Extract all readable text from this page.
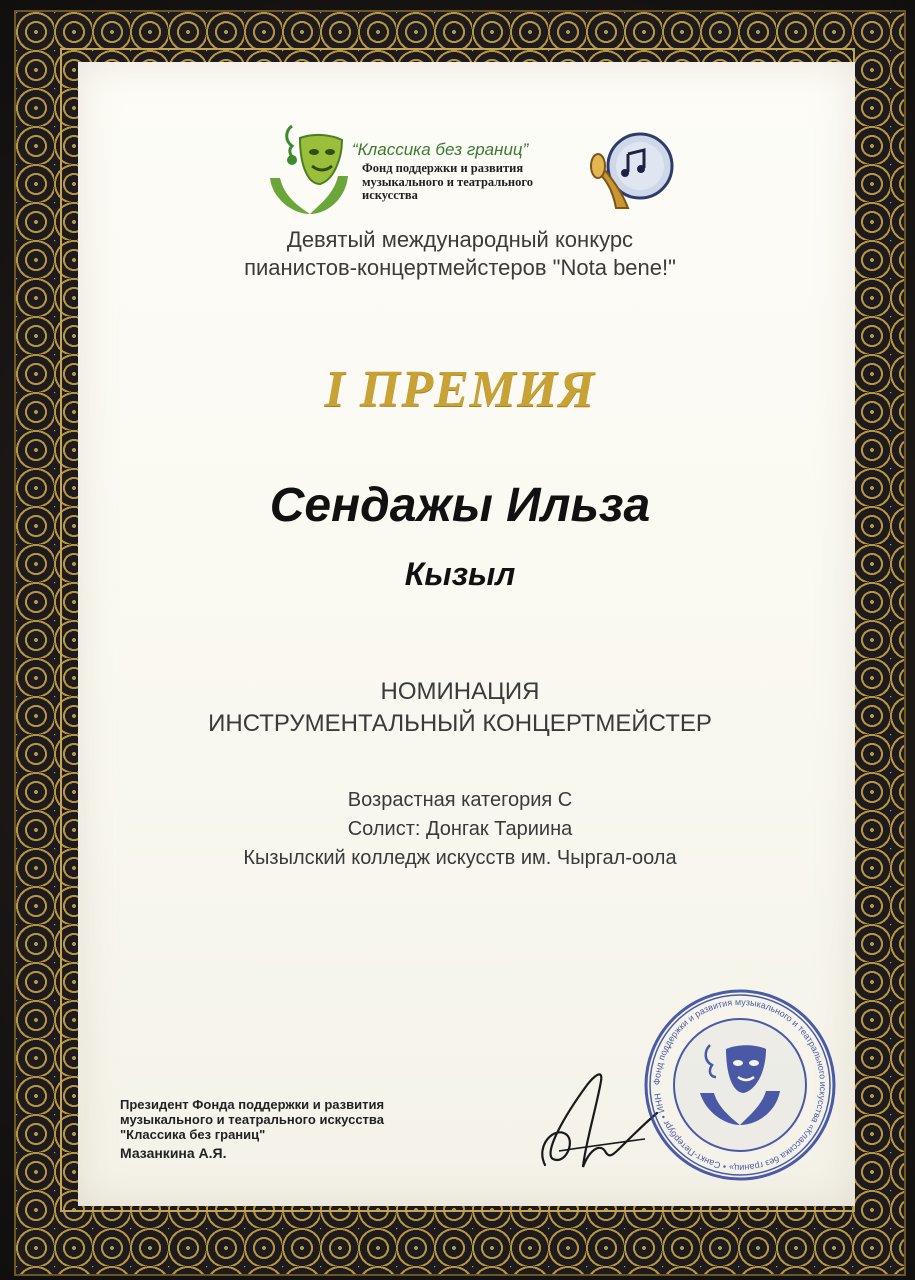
“Классика без границ”
Фонд поддержки и развития
музыкального и театрального
искусства
Девятый международный конкурс
пианистов-концертмейстеров "Nota bene!"
I ПРЕМИЯ
Сендажы Ильза
Кызыл
НОМИНАЦИЯ
ИНСТРУМЕНТАЛЬНЫЙ КОНЦЕРТМЕЙСТЕР
Возрастная категория С
Солист: Донгак Тариина
Кызылский колледж искусств им. Чыргал-оола
Президент Фонда поддержки и развития
музыкального и театрального искусства
"Классика без границ"
Мазанкина А.Я.
Фонд поддержки и развития музыкального и театрального искусства «Классика без границ» • Санкт-Петербург • ИНН
